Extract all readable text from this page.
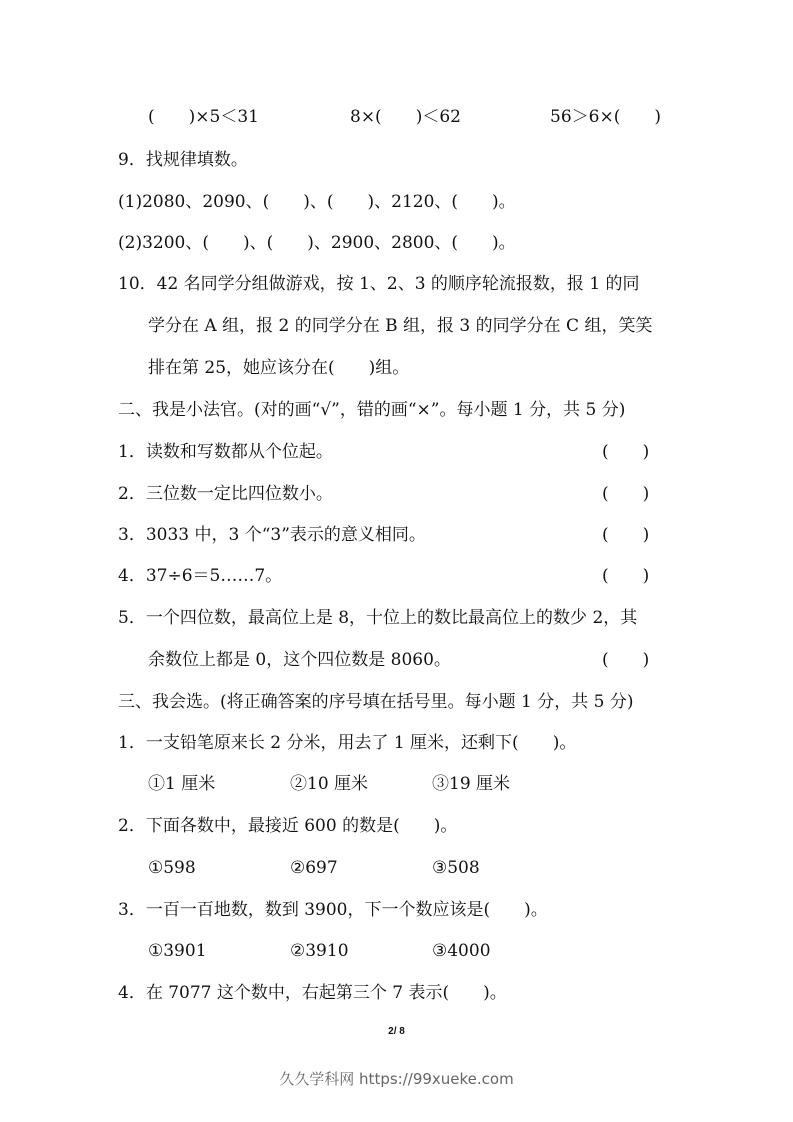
(　　)×5＜31	8×(　　)＜62	56＞6×(　　)
9．找规律填数。
(1)2080、2090、(　　)、(　　)、2120、(　　)。
(2)3200、(　　)、(　　)、2900、2800、(　　)。
10．42 名同学分组做游戏，按 1、2、3 的顺序轮流报数，报 1 的同
学分在 A 组，报 2 的同学分在 B 组，报 3 的同学分在 C 组，笑笑
排在第 25，她应该分在(　　)组。
二、我是小法官。(对的画“√”，错的画“×”。每小题 1 分，共 5 分)
1．读数和写数都从个位起。	(　　)
2．三位数一定比四位数小。	(　　)
3．3033 中，3 个“3”表示的意义相同。	(　　)
4．37÷6＝5……7。	(　　)
5．一个四位数，最高位上是 8，十位上的数比最高位上的数少 2，其
余数位上都是 0，这个四位数是 8060。	(　　)
三、我会选。(将正确答案的序号填在括号里。每小题 1 分，共 5 分)
1．一支铅笔原来长 2 分米，用去了 1 厘米，还剩下(　　)。
①1 厘米	②10 厘米	③19 厘米
2．下面各数中，最接近 600 的数是(　　)。
①598	②697	③508
3．一百一百地数，数到 3900，下一个数应该是(　　)。
①3901	②3910	③4000
4．在 7077 这个数中，右起第三个 7 表示(　　)。
2/ 8
久久学科网 https://99xueke.com
